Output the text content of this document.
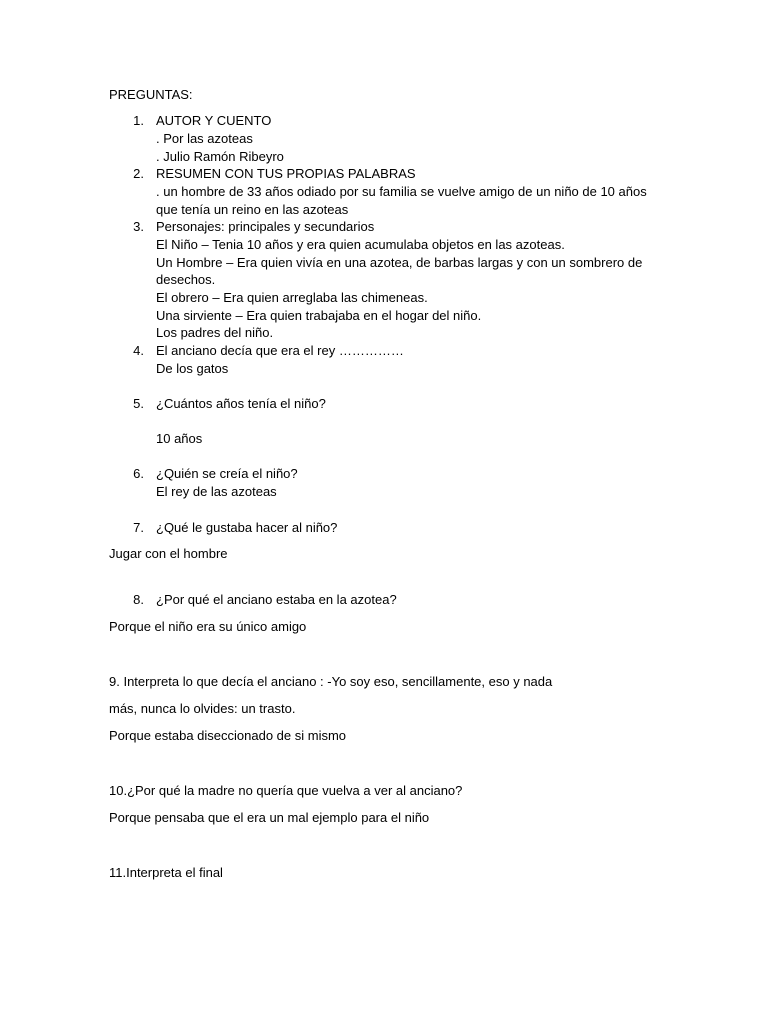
PREGUNTAS:
1. AUTOR Y CUENTO
. Por las azoteas
. Julio Ramón Ribeyro
2. RESUMEN CON TUS PROPIAS PALABRAS
. un hombre de 33 años odiado por su familia se vuelve amigo de un niño de 10 años
que tenía un reino en las azoteas
3. Personajes: principales y secundarios
El Niño – Tenia 10 años y era quien acumulaba objetos en las azoteas.
Un Hombre – Era quien vivía en una azotea, de barbas largas y con un sombrero de
desechos.
El obrero – Era quien arreglaba las chimeneas.
Una sirviente – Era quien trabajaba en el hogar del niño.
Los padres del niño.
4. El anciano decía que era el rey ……………
De los gatos
5. ¿Cuántos años tenía el niño?
10 años
6. ¿Quién se creía el niño?
El rey de las azoteas
7. ¿Qué le gustaba hacer al niño?
Jugar con el hombre
8. ¿Por qué el anciano estaba en la azotea?
Porque el niño era su único amigo
9. Interpreta lo que decía el anciano : -Yo soy eso, sencillamente, eso y nada
más, nunca lo olvides: un trasto.
Porque estaba diseccionado de si mismo
10.¿Por qué la madre no quería que vuelva a ver al anciano?
Porque pensaba que el era un mal ejemplo para el niño
11.Interpreta el final
